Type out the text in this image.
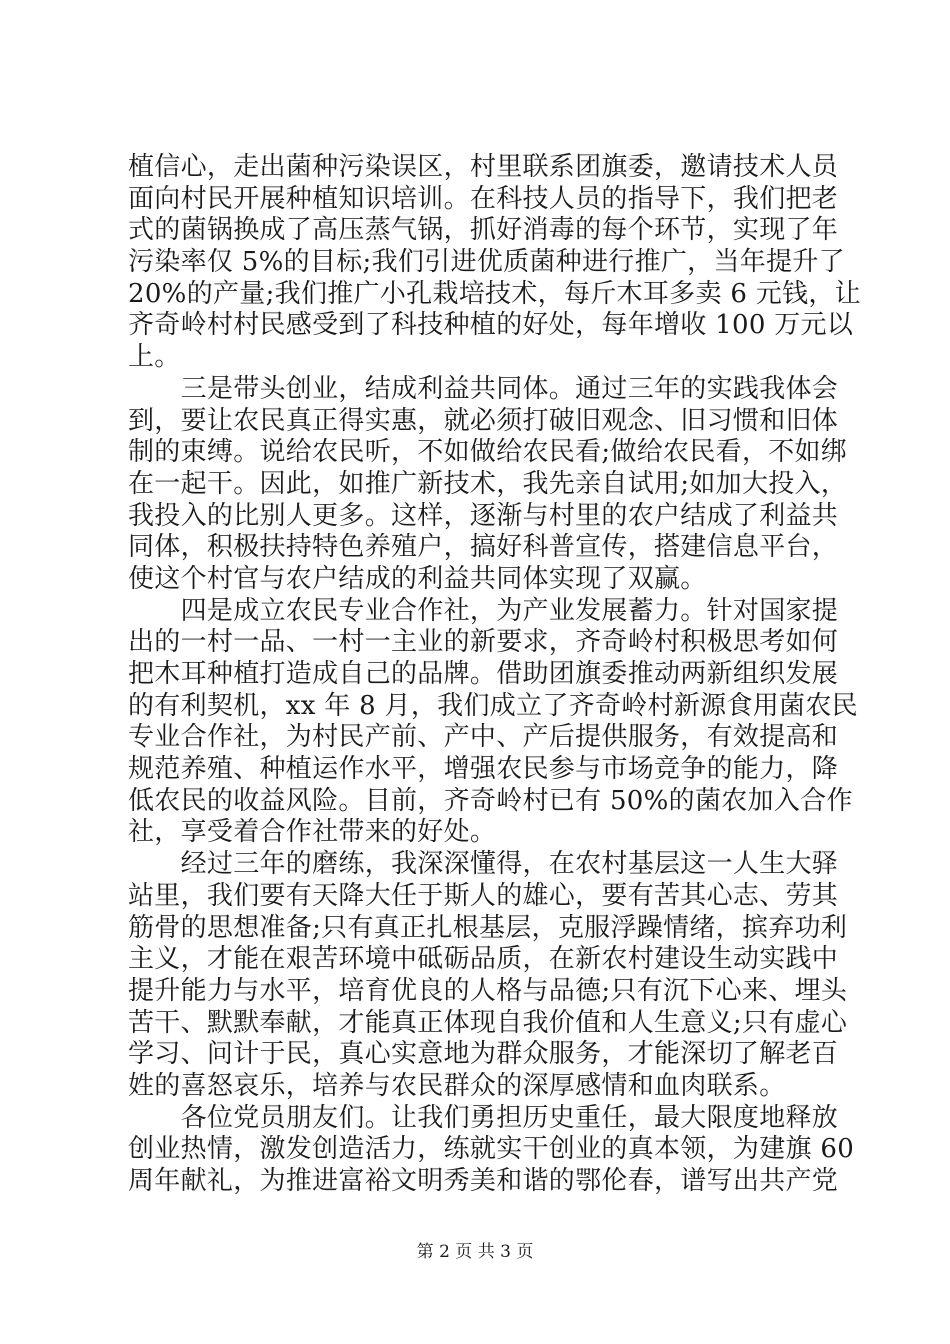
植信心，走出菌种污染误区，村里联系团旗委，邀请技术人员
面向村民开展种植知识培训。在科技人员的指导下，我们把老
式的菌锅换成了高压蒸气锅，抓好消毒的每个环节，实现了年
污染率仅 5%的目标;我们引进优质菌种进行推广，当年提升了
20%的产量;我们推广小孔栽培技术，每斤木耳多卖 6 元钱，让
齐奇岭村村民感受到了科技种植的好处，每年增收 100 万元以
上。
　　三是带头创业，结成利益共同体。通过三年的实践我体会
到，要让农民真正得实惠，就必须打破旧观念、旧习惯和旧体
制的束缚。说给农民听，不如做给农民看;做给农民看，不如绑
在一起干。因此，如推广新技术，我先亲自试用;如加大投入，
我投入的比别人更多。这样，逐渐与村里的农户结成了利益共
同体，积极扶持特色养殖户，搞好科普宣传，搭建信息平台，
使这个村官与农户结成的利益共同体实现了双赢。
　　四是成立农民专业合作社，为产业发展蓄力。针对国家提
出的一村一品、一村一主业的新要求，齐奇岭村积极思考如何
把木耳种植打造成自己的品牌。借助团旗委推动两新组织发展
的有利契机，xx 年 8 月，我们成立了齐奇岭村新源食用菌农民
专业合作社，为村民产前、产中、产后提供服务，有效提高和
规范养殖、种植运作水平，增强农民参与市场竞争的能力，降
低农民的收益风险。目前，齐奇岭村已有 50%的菌农加入合作
社，享受着合作社带来的好处。
　　经过三年的磨练，我深深懂得，在农村基层这一人生大驿
站里，我们要有天降大任于斯人的雄心，要有苦其心志、劳其
筋骨的思想准备;只有真正扎根基层，克服浮躁情绪，摈弃功利
主义，才能在艰苦环境中砥砺品质，在新农村建设生动实践中
提升能力与水平，培育优良的人格与品德;只有沉下心来、埋头
苦干、默默奉献，才能真正体现自我价值和人生意义;只有虚心
学习、问计于民，真心实意地为群众服务，才能深切了解老百
姓的喜怒哀乐，培养与农民群众的深厚感情和血肉联系。
　　各位党员朋友们。让我们勇担历史重任，最大限度地释放
创业热情，激发创造活力，练就实干创业的真本领，为建旗 60
周年献礼，为推进富裕文明秀美和谐的鄂伦春，谱写出共产党
第 2 页 共 3 页
